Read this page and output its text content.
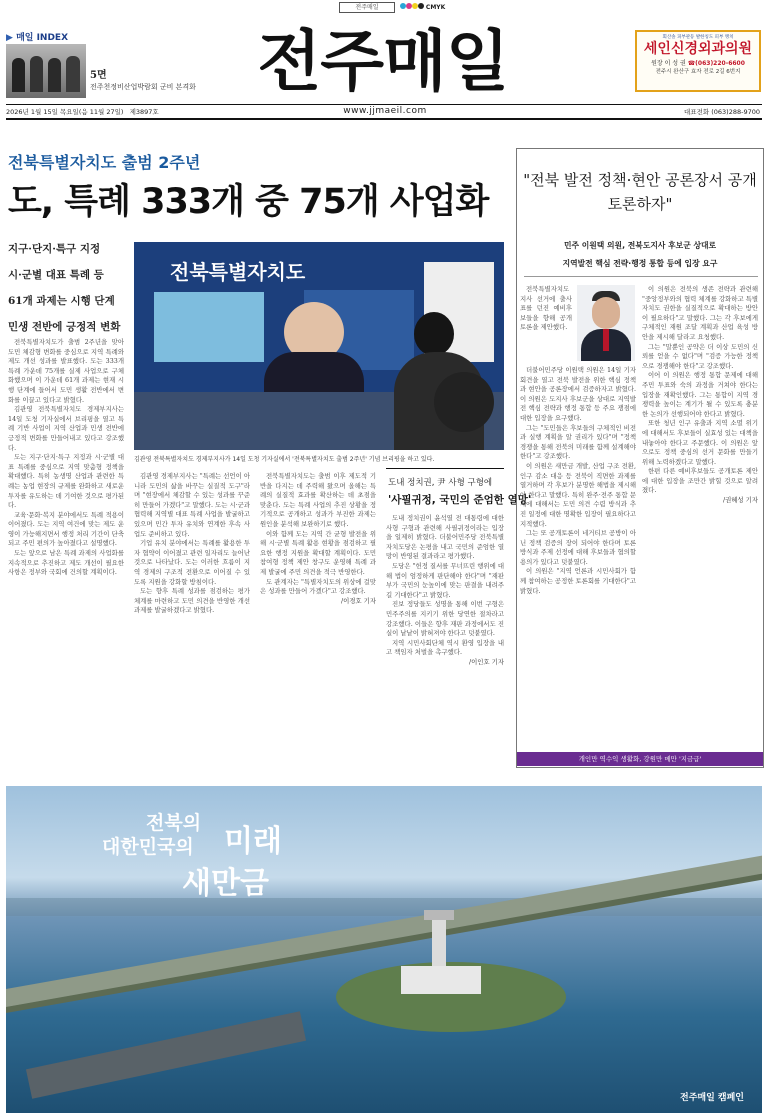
전주매일	CMYK
▶ 매일 INDEX
5면
전주천정비산업박람회 군비 본격화 전주매일	회산솔 피부관등 발한칭도 피부 앵치
세인신경외과의원
원장 이 성 권 ☎(063)220-6600
전주시 완산구 효자 전로 2길 6번지
2026년 1월 15일 목요일(음 11월 27일) 제3897호	www.jjmaeil.com	대표전화 (063)288-9700
전북특별자치도 출범 2주년
도, 특례 333개 중 75개 사업화
지구·단지·특구 지정
시·군별 대표 특례 등
61개 과제는 시행 단계
민생 전반에 긍정적 변화
전북특별자치도
김관영 전북특별자치도 경제부지사가 14일 도청 기자실에서 '전북특별자치도 출범 2주년' 기념 브리핑을 하고 있다.

전북특별자치도가 출범 2주년을 맞아 도민 체감형 변화를 중심으로 지역 특례와 제도 개선 성과를 발표했다. 도는 333개 특례 가운데 75개를 실제 사업으로 구체화했으며 이 가운데 61개 과제는 현재 시행 단계에 들어서 도민 생활 전반에서 변화를 이끌고 있다고 밝혔다.

김관영 전북특별자치도 경제부지사는 14일 도청 기자실에서 브리핑을 열고 특례 기반 사업이 지역 산업과 민생 전반에 긍정적 변화를 만들어내고 있다고 강조했다.

도는 지구·단지·특구 지정과 시·군별 대표 특례를 중심으로 지역 맞춤형 정책을 확대했다. 특히 농생명 산업과 관련한 특례는 농업 현장의 규제를 완화하고 새로운 투자를 유도하는 데 기여한 것으로 평가된다.

교육·문화·복지 분야에서도 특례 적용이 이어졌다. 도는 지역 여건에 맞는 제도 운영이 가능해지면서 행정 처리 기간이 단축되고 주민 편의가 높아졌다고 설명했다.

도는 앞으로 남은 특례 과제의 사업화를 지속적으로 추진하고 제도 개선이 필요한 사항은 정부와 국회에 건의할 계획이다.

김관영 경제부지사는 "특례는 선언이 아니라 도민의 삶을 바꾸는 실질적 도구"라며 "현장에서 체감할 수 있는 성과를 꾸준히 만들어 가겠다"고 말했다. 도는 시·군과 협력해 지역별 대표 특례 사업을 발굴하고 있으며 민간 투자 유치와 연계한 후속 사업도 준비하고 있다.

기업 유치 분야에서는 특례를 활용한 투자 협약이 이어졌고 관련 일자리도 늘어난 것으로 나타났다. 도는 이러한 흐름이 지역 경제의 구조적 전환으로 이어질 수 있도록 지원을 강화할 방침이다.

도는 향후 특례 성과를 점검하는 평가 체계를 마련하고 도민 의견을 반영한 개선 과제를 발굴하겠다고 밝혔다.

전북특별자치도는 출범 이후 제도적 기반을 다지는 데 주력해 왔으며 올해는 특례의 실질적 효과를 확산하는 데 초점을 맞춘다. 도는 특례 사업의 추진 상황을 정기적으로 공개하고 성과가 부진한 과제는 원인을 분석해 보완하기로 했다.

이와 함께 도는 지역 간 균형 발전을 위해 시·군별 특례 활용 현황을 점검하고 필요한 행정 지원을 확대할 계획이다. 도민 참여형 정책 제안 창구도 운영해 특례 과제 발굴에 주민 의견을 적극 반영한다.

도 관계자는 "특별자치도의 위상에 걸맞은 성과를 만들어 가겠다"고 강조했다.

/이경호 기자

도내 정치권, 尹 사형 구형에
'사필귀정, 국민의 준엄한 열망'

도내 정치권이 윤석열 전 대통령에 대한 사형 구형과 관련해 사필귀정이라는 입장을 일제히 밝혔다. 더불어민주당 전북특별자치도당은 논평을 내고 국민의 준엄한 열망이 반영된 결과라고 평가했다.

도당은 "헌정 질서를 무너뜨린 행위에 대해 법이 엄정하게 판단해야 한다"며 "재판부가 국민의 눈높이에 맞는 판결을 내려주길 기대한다"고 밝혔다.

진보 정당들도 성명을 통해 이번 구형은 민주주의를 지키기 위한 당연한 절차라고 강조했다. 이들은 향후 재판 과정에서도 진실이 낱낱이 밝혀져야 한다고 덧붙였다.

지역 시민사회단체 역시 환영 입장을 내고 책임자 처벌을 촉구했다.

/이인호 기자

"전북 발전 정책·현안 공론장서 공개토론하자"
민주 이원택 의원, 전북도지사 후보군 상대로
지역발전 핵심 전략·행정 통합 등에 입장 요구

전북특별자치도지사 선거에 출사표를 던진 예비후보들을 향해 공개토론을 제안했다.

더불어민주당 이원택 의원은 14일 기자회견을 열고 전북 발전을 위한 핵심 정책과 현안을 공론장에서 검증하자고 밝혔다. 이 의원은 도지사 후보군을 상대로 지역발전 핵심 전략과 행정 통합 등 주요 쟁점에 대한 입장을 요구했다.

그는 "도민들은 후보들의 구체적인 비전과 실행 계획을 알 권리가 있다"며 "정책 경쟁을 통해 전북의 미래를 함께 설계해야 한다"고 강조했다.

이 의원은 새만금 개발, 산업 구조 전환, 인구 감소 대응 등 전북이 직면한 과제를 열거하며 각 후보가 분명한 해법을 제시해야 한다고 말했다. 특히 완주·전주 통합 문제에 대해서는 도민 의견 수렴 방식과 추진 일정에 대한 명확한 입장이 필요하다고 지적했다.

그는 또 공개토론이 네거티브 공방이 아닌 정책 검증의 장이 되어야 한다며 토론 방식과 주제 선정에 대해 후보들과 협의할 용의가 있다고 덧붙였다.

이 의원은 "지역 언론과 시민사회가 함께 참여하는 공정한 토론회를 기대한다"고 밝혔다.

이 의원은 전북의 생존 전략과 관련해 "중앙정부와의 협력 체계를 강화하고 특별자치도 권한을 실질적으로 확대하는 방안이 필요하다"고 말했다. 그는 각 후보에게 구체적인 재원 조달 계획과 산업 육성 방안을 제시해 달라고 요청했다.

그는 "말뿐인 공약은 더 이상 도민의 신뢰를 얻을 수 없다"며 "검증 가능한 정책으로 경쟁해야 한다"고 강조했다.

이어 이 의원은 행정 통합 문제에 대해 주민 투표와 숙의 과정을 거쳐야 한다는 입장을 재확인했다. 그는 통합이 지역 경쟁력을 높이는 계기가 될 수 있도록 충분한 논의가 선행되어야 한다고 밝혔다.

또한 청년 인구 유출과 지역 소멸 위기에 대해서도 후보들이 실효성 있는 대책을 내놓아야 한다고 주문했다. 이 의원은 앞으로도 정책 중심의 선거 문화를 만들기 위해 노력하겠다고 말했다.

한편 다른 예비후보들도 공개토론 제안에 대한 입장을 조만간 밝힐 것으로 알려졌다.

/권혜성 기자

개인만 역수익 생활화, 강원만 메만 '지금급'
전북의
대한민국의 미래
새만금
전주매일 캠페인
